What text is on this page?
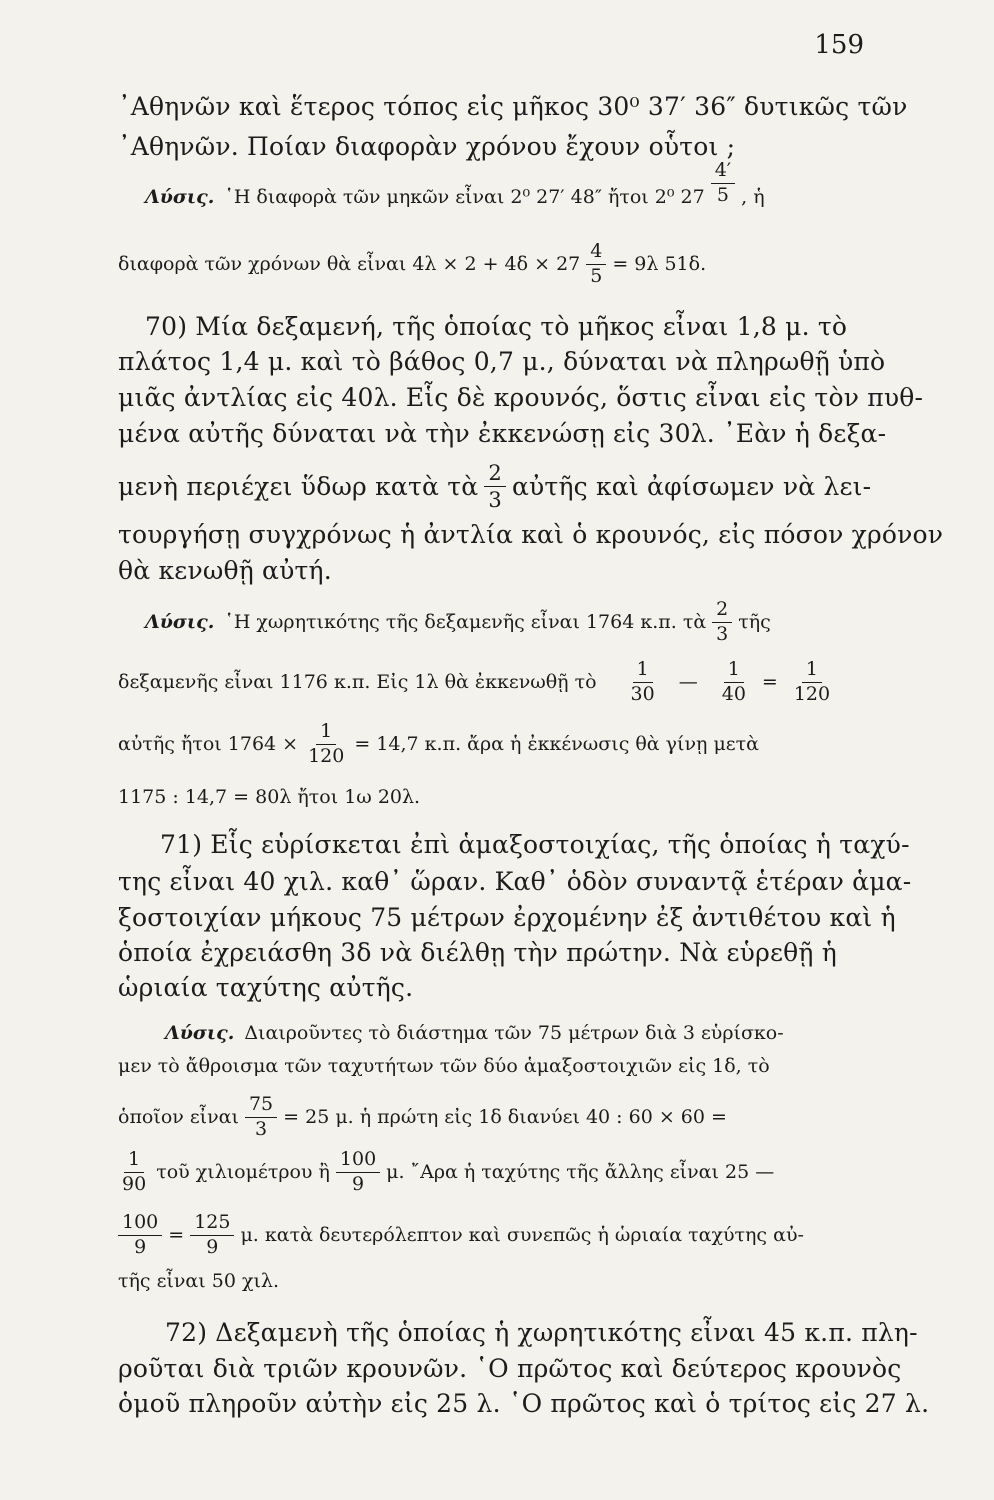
159
᾽Αθηνῶν καὶ ἕτερος τόπος εἰς μῆκος 30⁰ 37′ 36″ δυτικῶς τῶν
᾽Αθηνῶν. Ποίαν διαφορὰν χρόνου ἔχουν οὗτοι ;
Λύσις. ῾Η διαφορὰ τῶν μηκῶν εἶναι 2⁰ 27′ 48″ ἤτοι 2⁰ $27 \frac{4'}{5}$ , ἡ
διαφορὰ τῶν χρόνων θὰ εἶναι $4\lambda \times 2 + 4\delta \times 27 \frac{4}{5} = 9\lambda$ 51δ.
70) Μία δεξαμενή, τῆς ὁποίας τὸ μῆκος εἶναι 1,8 μ. τὸ
πλάτος 1,4 μ. καὶ τὸ βάθος 0,7 μ., δύναται νὰ πληρωθῇ ὑπὸ
μιᾶς ἀντλίας εἰς 40λ. Εἷς δὲ κρουνός, ὅστις εἶναι εἰς τὸν πυθ-
μένα αὐτῆς δύναται νὰ τὴν ἐκκενώσῃ εἰς 30λ. ᾽Εὰν ἡ δεξα-
μενὴ περιέχει ὕδωρ κατὰ τὰ $\frac{2}{3}$ αὐτῆς καὶ ἀφίσωμεν νὰ λει-
τουργήσῃ συγχρόνως ἡ ἀντλία καὶ ὁ κρουνός, εἰς πόσον χρόνον
θὰ κενωθῇ αὐτή.
Λύσις. ῾Η χωρητικότης τῆς δεξαμενῆς εἶναι 1764 κ.π. τὰ $\frac{2}{3}$ τῆς
δεξαμενῆς εἶναι 1176 κ.π. Εἰς 1λ θὰ ἐκκενωθῇ τὸ $\frac{1}{30}$ — $\frac{1}{40} = \frac{1}{120}$
αὐτῆς ἤτοι $1764 \times \frac{1}{120} = 14,7$ κ.π. ἄρα ἡ ἐκκένωσις θὰ γίνῃ μετὰ
1175 : 14,7 = 80λ ἤτοι 1ω 20λ.
71) Εἷς εὑρίσκεται ἐπὶ ἁμαξοστοιχίας, τῆς ὁποίας ἡ ταχύ-
της εἶναι 40 χιλ. καθ᾽ ὥραν. Καθ᾽ ὁδὸν συναντᾷ ἑτέραν ἁμα-
ξοστοιχίαν μήκους 75 μέτρων ἐρχομένην ἐξ ἀντιθέτου καὶ ἡ
ὁποία ἐχρειάσθη 3δ νὰ διέλθῃ τὴν πρώτην. Νὰ εὑρεθῇ ἡ
ὡριαία ταχύτης αὐτῆς.
Λύσις. Διαιροῦντες τὸ διάστημα τῶν 75 μέτρων διὰ 3 εὑρίσκο-
μεν τὸ ἄθροισμα τῶν ταχυτήτων τῶν δύο ἁμαξοστοιχιῶν εἰς 1δ, τὸ
ὁποῖον εἶναι $\frac{75}{3} = 25$ μ. ἡ πρώτη εἰς 1δ διανύει 40 : 60 × 60 =
$\frac{1}{90}$ τοῦ χιλιομέτρου ἢ $\frac{100}{9} \mu$. ῎Αρα ἡ ταχύτης τῆς ἄλλης εἶναι 25 —
$\frac{100}{9} = \frac{125}{9} \mu$. κατὰ δευτερόλεπτον καὶ συνεπῶς ἡ ὡριαία ταχύτης αὐ-
τῆς εἶναι 50 χιλ.
72) Δεξαμενὴ τῆς ὁποίας ἡ χωρητικότης εἶναι 45 κ.π. πλη-
ροῦται διὰ τριῶν κρουνῶν. ῾Ο πρῶτος καὶ δεύτερος κρουνὸς
ὁμοῦ πληροῦν αὐτὴν εἰς 25 λ. ῾Ο πρῶτος καὶ ὁ τρίτος εἰς 27 λ.
